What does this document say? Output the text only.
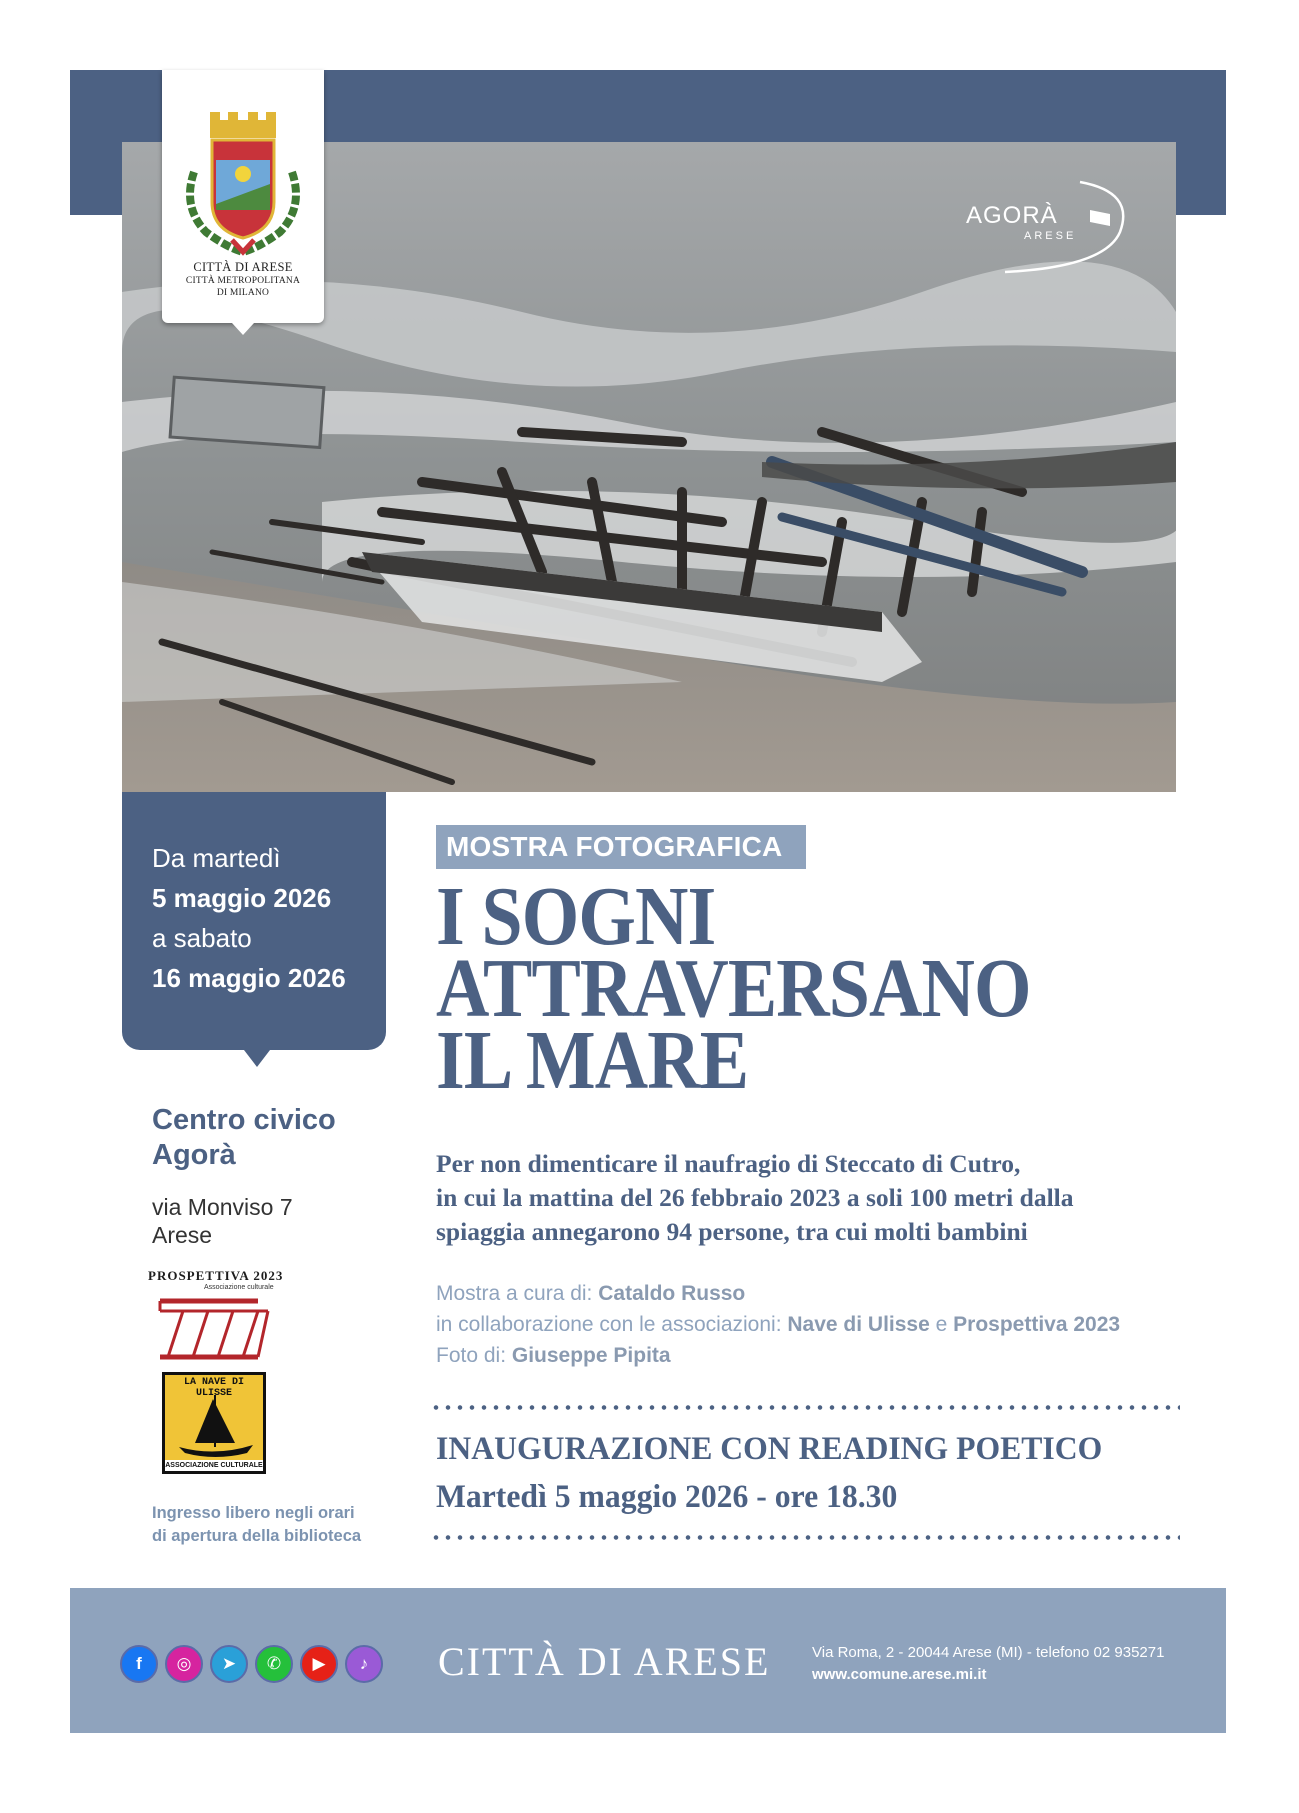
CITTÀ DI ARESE
CITTÀ METROPOLITANA
DI MILANO
AGORÀ
ARESE
Da martedì
5 maggio 2026
a sabato
16 maggio 2026
Centro civico
Agorà
via Monviso 7
Arese
PROSPETTIVA 2023
Associazione culturale
LA NAVE DI ULISSE
ASSOCIAZIONE CULTURALE
Ingresso libero negli orari
di apertura della biblioteca
MOSTRA FOTOGRAFICA
I SOGNI
ATTRAVERSANO
IL MARE
Per non dimenticare il naufragio di Steccato di Cutro,
in cui la mattina del 26 febbraio 2023 a soli 100 metri dalla
spiaggia annegarono 94 persone, tra cui molti bambini
Mostra a cura di: Cataldo Russo
in collaborazione con le associazioni: Nave di Ulisse e Prospettiva 2023
Foto di: Giuseppe Pipita
INAUGURAZIONE CON READING POETICO
Martedì 5 maggio 2026 - ore 18.30
f	◎	➤	✆	▶	♪	CITTÀ DI ARESE	Via Roma, 2 - 20044 Arese (MI) - telefono 02 935271
www.comune.arese.mi.it
